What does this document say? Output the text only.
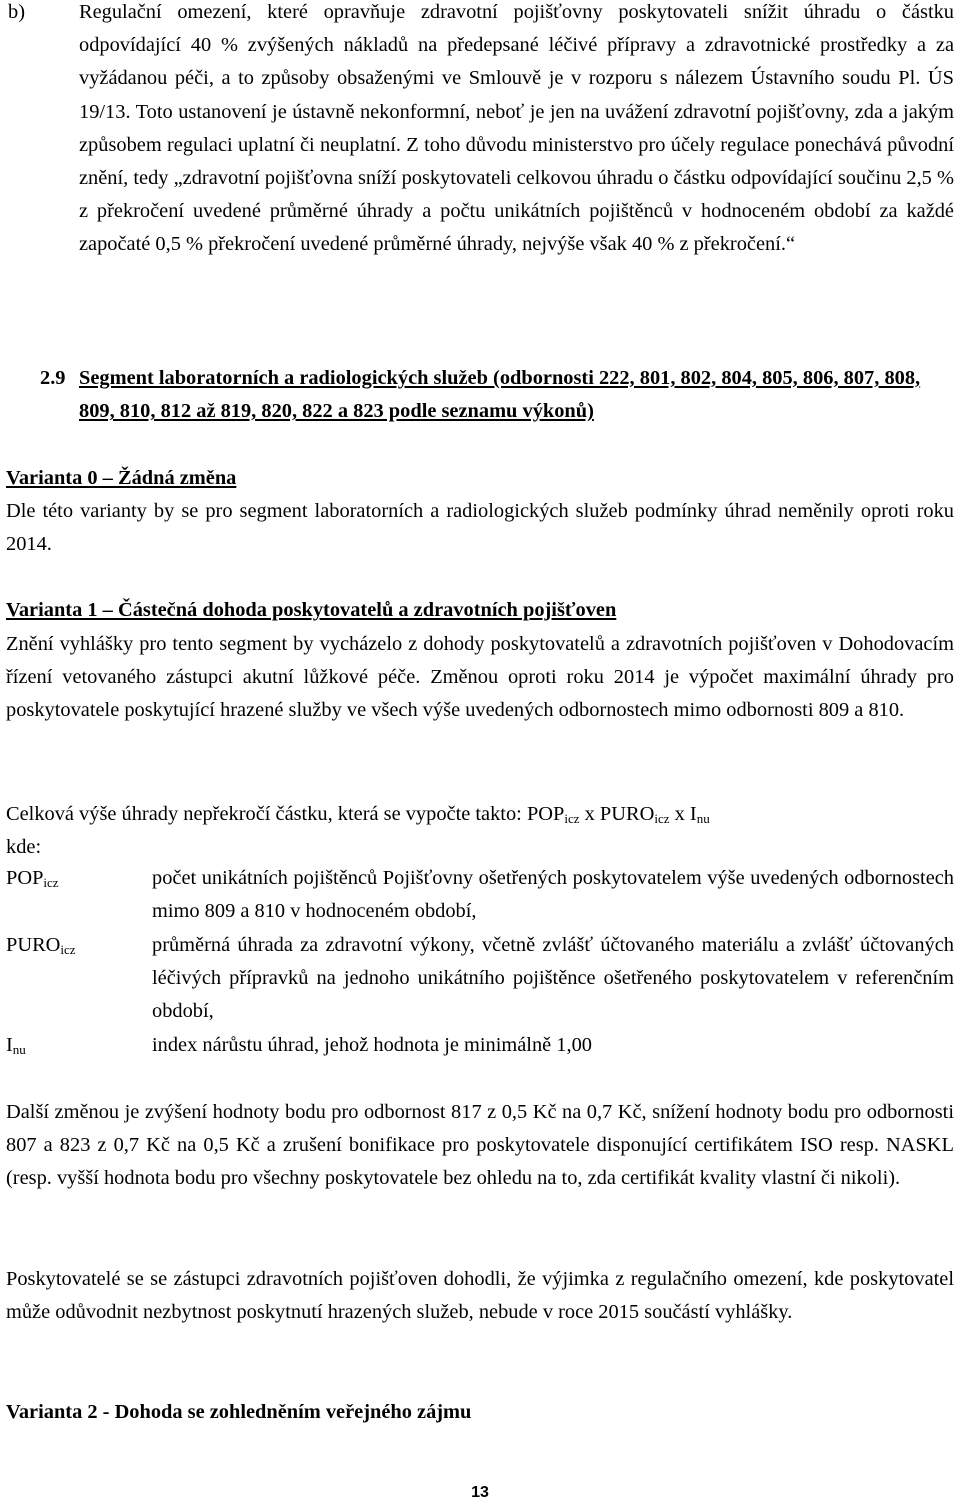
b)	Regulační omezení, které opravňuje zdravotní pojišťovny poskytovateli snížit úhradu o částku odpovídající 40 % zvýšených nákladů na předepsané léčivé přípravy a zdravotnické prostředky a za vyžádanou péči, a to způsoby obsaženými ve Smlouvě je v rozporu s nálezem Ústavního soudu Pl. ÚS 19/13. Toto ustanovení je ústavně nekonformní, neboť je jen na uvážení zdravotní pojišťovny, zda a jakým způsobem regulaci uplatní či neuplatní. Z toho důvodu ministerstvo pro účely regulace ponechává původní znění, tedy „zdravotní pojišťovna sníží poskytovateli celkovou úhradu o částku odpovídající součinu 2,5 % z překročení uvedené průměrné úhrady a počtu unikátních pojištěnců v hodnoceném období za každé započaté 0,5 % překročení uvedené průměrné úhrady, nejvýše však 40 % z překročení.“

2.9 Segment laboratorních a radiologických služeb (odbornosti 222, 801, 802, 804, 805, 806, 807, 808, 809, 810, 812 až 819, 820, 822 a 823 podle seznamu výkonů)

Varianta 0 – Žádná změna

Dle této varianty by se pro segment laboratorních a radiologických služeb podmínky úhrad neměnily oproti roku 2014.

Varianta 1 – Částečná dohoda poskytovatelů a zdravotních pojišťoven

Znění vyhlášky pro tento segment by vycházelo z dohody poskytovatelů a zdravotních pojišťoven v Dohodovacím řízení vetovaného zástupci akutní lůžkové péče. Změnou oproti roku 2014 je výpočet maximální úhrady pro poskytovatele poskytující hrazené služby ve všech výše uvedených odbornostech mimo odbornosti 809 a 810.

Celková výše úhrady nepřekročí částku, která se vypočte takto: $POP_{icz}$ x $PURO_{icz}$ x $I_{nu}$

kde:
$POP_{icz}$	počet unikátních pojištěnců Pojišťovny ošetřených poskytovatelem výše uvedených odbornostech mimo 809 a 810 v hodnoceném období,

$PURO_{icz}$	průměrná úhrada za zdravotní výkony, včetně zvlášť účtovaného materiálu a zvlášť účtovaných léčivých přípravků na jednoho unikátního pojištěnce ošetřeného poskytovatelem v referenčním období,

$I_{nu}$	index nárůstu úhrad, jehož hodnota je minimálně 1,00

Další změnou je zvýšení hodnoty bodu pro odbornost 817 z 0,5 Kč na 0,7 Kč, snížení hodnoty bodu pro odbornosti 807 a 823 z 0,7 Kč na 0,5 Kč a zrušení bonifikace pro poskytovatele disponující certifikátem ISO resp. NASKL (resp. vyšší hodnota bodu pro všechny poskytovatele bez ohledu na to, zda certifikát kvality vlastní či nikoli).

Poskytovatelé se se zástupci zdravotních pojišťoven dohodli, že výjimka z regulačního omezení, kde poskytovatel může odůvodnit nezbytnost poskytnutí hrazených služeb, nebude v roce 2015 součástí vyhlášky.

Varianta 2 - Dohoda se zohledněním veřejného zájmu

13
